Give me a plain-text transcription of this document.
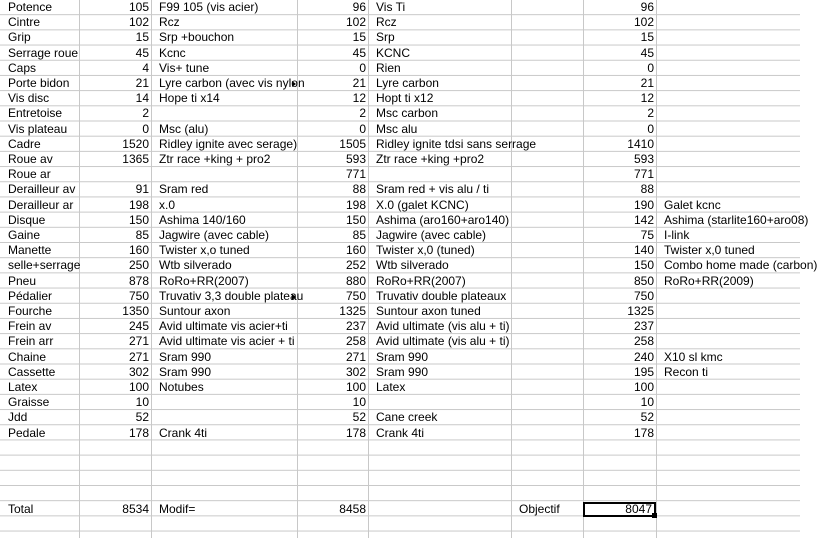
Potence	105 F99 105 (vis acier)	96 Vis Ti	96
Cintre	102 Rcz	102 Rcz	102
Grip	15 Srp +bouchon	15 Srp	15
Serrage roue	45 Kcnc	45 KCNC	45
Caps	4 Vis+ tune	0 Rien	0
Porte bidon	21 Lyre carbon (avec vis nylon	21 Lyre carbon	21
Vis disc	14 Hope ti x14	12 Hopt ti x12	12
Entretoise	2	2 Msc carbon	2
Vis plateau	0 Msc (alu)	0 Msc alu	0
Cadre	1520 Ridley ignite avec serage)	1505 Ridley ignite tdsi sans serrage	1410
Roue av	1365 Ztr race +king + pro2	593 Ztr race +king +pro2	593
Roue ar	771	771
Derailleur av	91 Sram red	88 Sram red + vis alu / ti	88
Derailleur ar	198 x.0	198 X.0 (galet KCNC)	190 Galet kcnc
Disque	150 Ashima 140/160	150 Ashima (aro160+aro140)	142 Ashima (starlite160+aro08)
Gaine	85 Jagwire (avec cable)	85 Jagwire (avec cable)	75 I-link
Manette	160 Twister x,o tuned	160 Twister x,0 (tuned)	140 Twister x,0 tuned
selle+serrage	250 Wtb silverado	252 Wtb silverado	150 Combo home made (carbon)
Pneu	878 RoRo+RR(2007)	880 RoRo+RR(2007)	850 RoRo+RR(2009)
Pédalier	750 Truvativ 3,3 double plateau	750 Truvativ double plateaux	750
Fourche	1350 Suntour axon	1325 Suntour axon tuned	1325
Frein av	245 Avid ultimate vis acier+ti	237 Avid ultimate (vis alu + ti)	237
Frein arr	271 Avid ultimate vis acier + ti	258 Avid ultimate (vis alu + ti)	258
Chaine	271 Sram 990	271 Sram 990	240 X10 sl kmc
Cassette	302 Sram 990	302 Sram 990	195 Recon ti
Latex	100 Notubes	100 Latex	100
Graisse	10	10	10
Jdd	52	52 Cane creek	52
Pedale	178 Crank 4ti	178 Crank 4ti	178
Total	8534 Modif=	8458	Objectif	8047
